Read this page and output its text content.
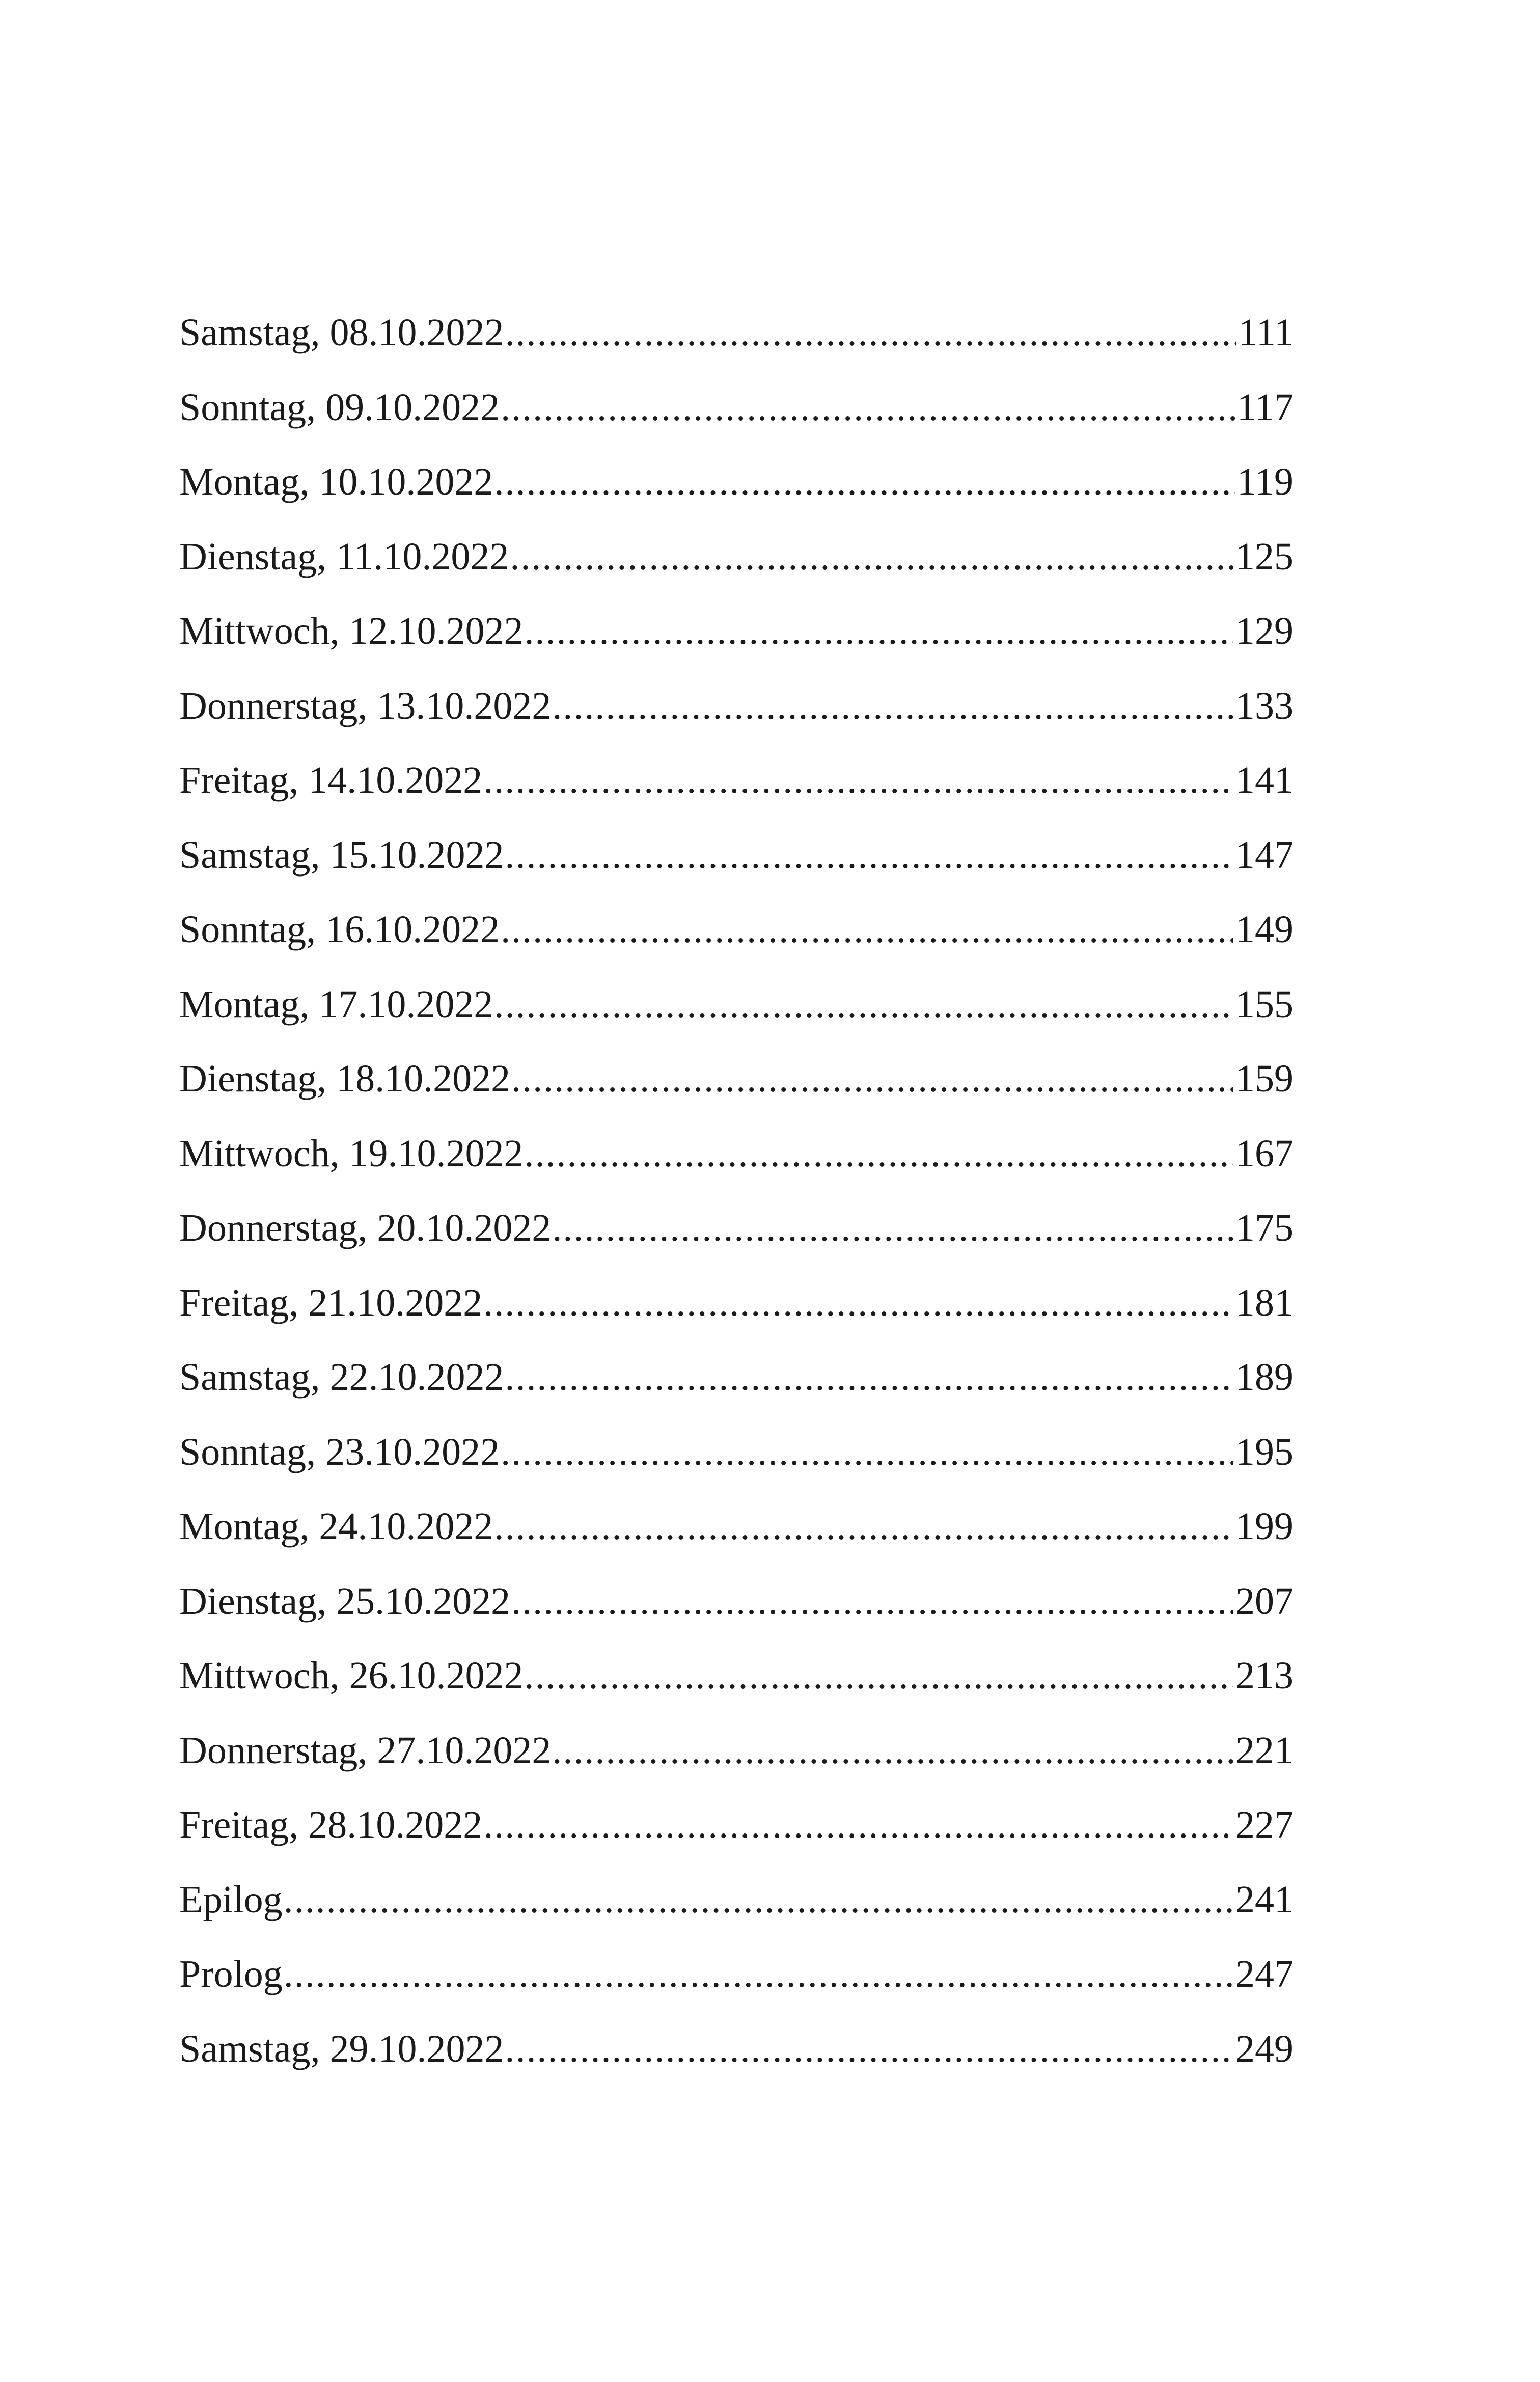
Samstag, 08.10.2022 .....	111
Sonntag, 09.10.2022 .....	117
Montag, 10.10.2022 .....	119
Dienstag, 11.10.2022 .....	125
Mittwoch, 12.10.2022 .....	129
Donnerstag, 13.10.2022 .....	133
Freitag, 14.10.2022 .....	141
Samstag, 15.10.2022 .....	147
Sonntag, 16.10.2022 .....	149
Montag, 17.10.2022 .....	155
Dienstag, 18.10.2022 .....	159
Mittwoch, 19.10.2022 .....	167
Donnerstag, 20.10.2022 .....	175
Freitag, 21.10.2022 .....	181
Samstag, 22.10.2022 .....	189
Sonntag, 23.10.2022 .....	195
Montag, 24.10.2022 .....	199
Dienstag, 25.10.2022 .....	207
Mittwoch, 26.10.2022 .....	213
Donnerstag, 27.10.2022 .....	221
Freitag, 28.10.2022 .....	227
Epilog .....	241
Prolog .....	247
Samstag, 29.10.2022 .....	249
